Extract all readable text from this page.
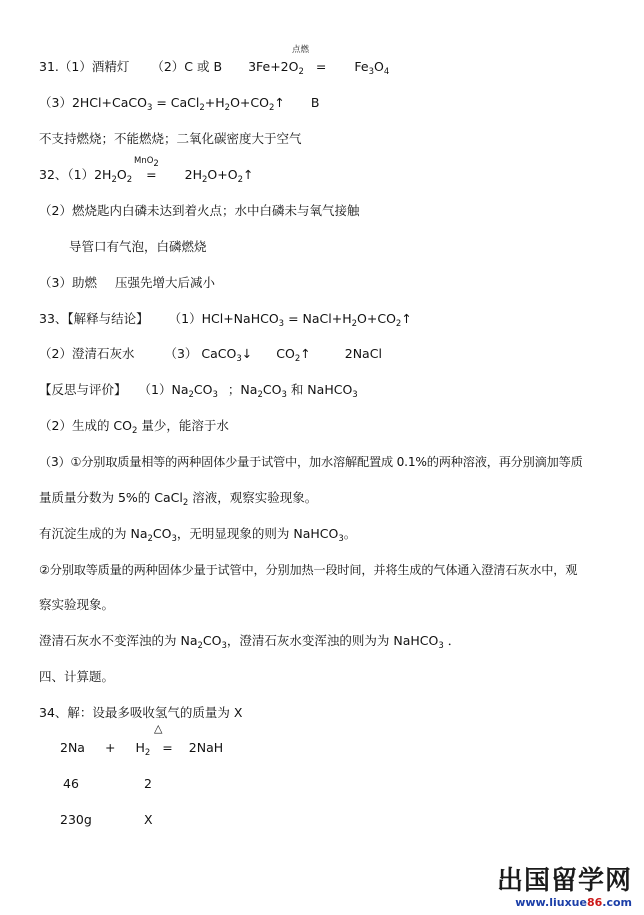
点燃
31.（1）酒精灯 （2）C 或 B $3Fe+2O_2 = Fe_3O_4$
（3）2HCl+CaCO$_3$ = $CaCl_2+H_2O+CO_2↑$ B
不支持燃烧；不能燃烧；二氧化碳密度大于空气
MnO$_2$
32、$(1)2H_2O_2$ = $2H_2O+O_2↑$
（2）燃烧匙内白磷未达到着火点；水中白磷未与氧气接触
导管口有气泡，白磷燃烧
（3）助燃 压强先增大后减小
33、【解释与结论】 （1）HCl+NaHCO$_3$ = $NaCl+H_2O+CO_2↑$
（2）澄清石灰水 （3） CaCO$_3$↓ $CO_2↑$	2NaCl
【反思与评价】 $(1)Na_2CO_3$ ；$Na_2CO_3$ 和 NaHCO$_3$
（2）生成的 $CO_2$ 量少，能溶于水
（3）①分别取质量相等的两种固体少量于试管中，加水溶解配置成 0.1%的两种溶液，再分别滴加等质
量质量分数为 5%的 CaCl$_2$ 溶液，观察实验现象。
有沉淀生成的为 $Na_2CO_3$，无明显现象的则为 NaHCO$_3$。
②分别取等质量的两种固体少量于试管中，分别加热一段时间，并将生成的气体通入澄清石灰水中，观
察实验现象。
澄清石灰水不变浑浊的为 $Na_2CO_3$，澄清石灰水变浑浊的则为为 NaHCO$_3$ ．
四、计算题。
34、解：设最多吸收氢气的质量为 X
△
$2Na + H_2 = 2NaH$
46	2
230g	X
出国留学网
www.liuxue86.com
